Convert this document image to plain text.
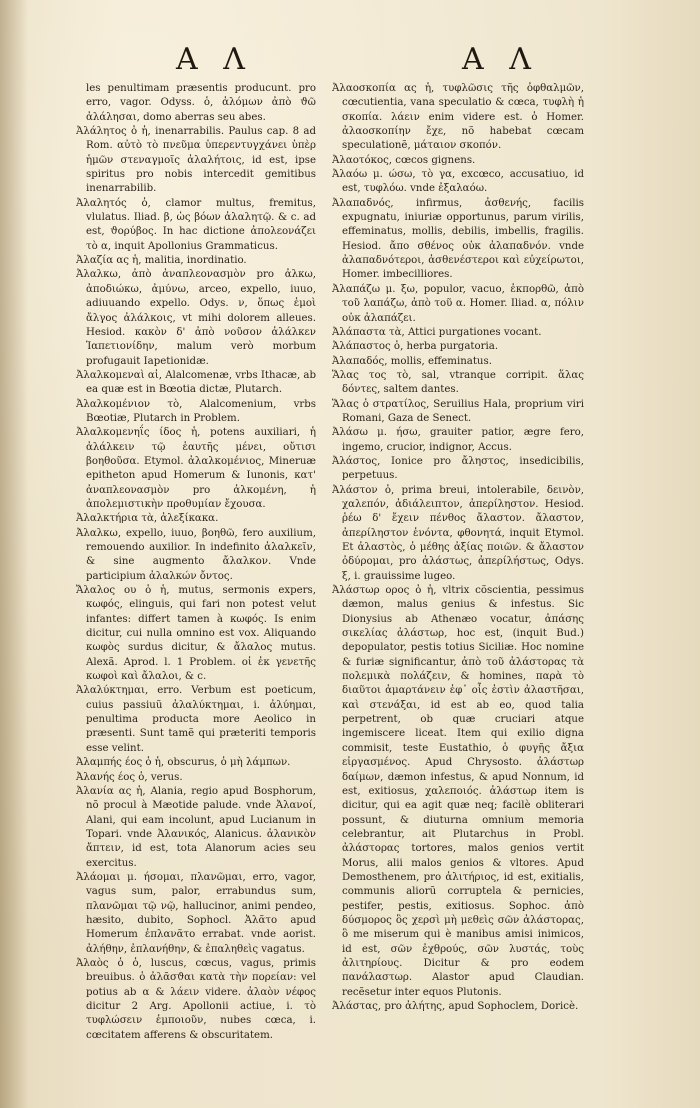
A Λ	A Λ

les penultimam præsentis producunt. pro erro, vagor. Odyss. ὁ, ἀλόμων ἀπὸ ϑῶ ἀλάλησαι, domo aberras seu abes.

Ἀλάλητος ὁ ἡ, inenarrabilis. Paulus cap. 8 ad Rom. αὐτὸ τὸ πνεῦμα ὑπερεντυγχάνει ὑπὲρ ἡμῶν στεναγμοῖς ἀλαλήτοις, id est, ipse spiritus pro nobis intercedit gemitibus inenarrabilib.

Ἀλαλητός ὁ, clamor multus, fremitus, vlulatus. Iliad. β, ὡς βόων ἀλαλητῷ. & c. ad est, ϑορύβος. In hac dictione ἀπολεονάζει τὸ α, inquit Apollonius Grammaticus.

Ἀλαζία ας ἡ, malitia, inordinatio.

Ἀλαλκω, ἀπὸ ἀναπλεονασμὸν pro ἀλκω, ἀποδιώκω, ἀμύνω, arceo, expello, iuuo, adiuuando expello. Odys. ν, ὅπως ἐμοὶ ἄλγος ἀλάλκοις, vt mihi dolorem alleues. Hesiod. κακὸν δ' ἀπὸ νοῦσον ἀλάλκεν Ἰαπετιονίδην, malum verò morbum profugauit Iapetionidæ.

Ἀλαλκομεναὶ αἱ, Alalcomenæ, vrbs Ithacæ, ab ea quæ est in Bœotia dictæ, Plutarch.

Ἀλαλκομένιον τὸ, Alalcomenium, vrbs Bœotiæ, Plutarch in Problem.

Ἀλαλκομενηΐς ίδος ἡ, potens auxiliari, ἡ ἀλάλκειν τῷ ἑαυτῆς μένει, οὔτισι βοηθοῦσα. Etymol. ἀλαλκομένιος, Mineruæ epitheton apud Homerum & Iunonis, κατ' ἀναπλεονασμὸν pro ἀλκομένη, ἡ ἀπολεμιστικὴν προθυμίαν ἔχουσα.

Ἀλαλκτήρια τὰ, ἀλεξίκακα.

Ἀλαλκω, expello, iuuo, βοηθῶ, fero auxilium, remouendo auxilior. In indefinito ἀλαλκεῖν, & sine augmento ἄλαλκον. Vnde participium ἀλαλκών ὄντος.

Ἄλαλος ου ὁ ἡ, mutus, sermonis expers, κωφός, elinguis, qui fari non potest velut infantes: differt tamen à κωφός. Is enim dicitur, cui nulla omnino est vox. Aliquando κωφὸς surdus dicitur, & ἄλαλος mutus. Alexã. Aprod. l. 1 Problem. οἱ ἐκ γενετῆς κωφοὶ καὶ ἄλαλοι, & c.

Ἀλαλύκτημαι, erro. Verbum est poeticum, cuius passiuũ ἀλαλύκτημαι, i. ἀλύημαι, penultima producta more Aeolico in præsenti. Sunt tamẽ qui præteriti temporis esse velint.

Ἀλαμπής έος ὁ ἡ, obscurus, ὁ μὴ λάμπων.

Ἀλανής έος ὁ, verus.

Ἀλανία ας ἡ, Alania, regio apud Bosphorum, nõ procul à Mæotide palude. vnde Ἀλανοί, Alani, qui eam incolunt, apud Lucianum in Topari. vnde Ἀλανικός, Alanicus. ἀλανικὸν ἄπτειν, id est, tota Alanorum acies seu exercitus.

Ἀλάομαι μ. ήσομαι, πλανῶμαι, erro, vagor, vagus sum, palor, errabundus sum, πλανῶμαι τῷ νῷ, hallucinor, animi pendeo, hæsito, dubito, Sophocl. Ἀλᾶτο apud Homerum ἐπλανᾶτο errabat. vnde aorist. ἀλήθην, ἐπλανήθην, & ἐπαληθεὶς vagatus.

Ἀλαὸς ὁ ὁ, luscus, cœcus, vagus, primis breuibus. ὁ ἀλᾶσϑαι κατὰ τὴν πορείαν: vel potius ab α & λάειν videre. ἀλαὸν νέφος dicitur 2 Arg. Apollonii actiue, i. τὸ τυφλώσειν ἐμποιοῦν, nubes cœca, i. cœcitatem afferens & obscuritatem.

Ἀλαοσκοπία ας ἡ, τυφλῶσις τῆς ὀφθαλμῶν, cœcutientia, vana speculatio & cœca, τυφλὴ ἡ σκοπία. λάειν enim videre est. ὁ Homer. ἀλαοσκοπίην ἔχε, nõ habebat cœcam speculationẽ, μάταιον σκοπόν.

Ἀλαοτόκος, cœcos gignens.

Ἀλαόω μ. ώσω, τὸ γα, excœco, accusatiuo, id est, τυφλόω. vnde ἐξαλαόω.

Ἀλαπαδνός, infirmus, ἀσθενής, facilis expugnatu, iniuriæ opportunus, parum virilis, effeminatus, mollis, debilis, imbellis, fragilis. Hesiod. ἄπο σθένος οὐκ ἀλαπαδνόν. vnde ἀλαπαδνότεροι, ἀσθενέστεροι καὶ εὐχείρωτοι, Homer. imbecilliores.

Ἀλαπάζω μ. ξω, populor, vacuo, ἐκπορθῶ, ἀπὸ τοῦ λαπάζω, ἀπὸ τοῦ α. Homer. Iliad. α, πόλιν οὐκ ἀλαπάζει.

Ἀλάπαστα τὰ, Attici purgationes vocant.

Ἀλάπαστος ὁ, herba purgatoria.

Ἀλαπαδός, mollis, effeminatus.

Ἅλας τος τὸ, sal, vtranque corripit. ἅλας δόντες, saltem dantes.

Ἅλας ὁ στρατίλος, Seruilius Hala, proprium viri Romani, Gaza de Senect.

Ἀλάσω μ. ήσω, grauiter patior, ægre fero, ingemo, crucior, indignor, Accus.

Ἀλάστος, Ionice pro ἄληστος, insedicibilis, perpetuus.

Ἀλάστον ὁ, prima breui, intolerabile, δεινὸν, χαλεπόν, ἀδιάλειπτον, ἀπερίληστον. Hesiod. ῥέω δ' ἔχειν πένθος ἄλαστον. ἄλαστον, ἀπερίληστον ἑνόντα, φθονητά, inquit Etymol. Et ἀλαστὸς, ὁ μέθης ἀξίας ποιῶν. & ἄλαστον ὀδύρομαι, pro ἀλάστως, ἀπερίλήστως, Odys. ξ, i. grauissime lugeo.

Ἀλάστωρ ορος ὁ ἡ, vltrix cõscientia, pessimus dæmon, malus genius & infestus. Sic Dionysius ab Athenæo vocatur, ἀπάσης σικελίας ἀλάστωρ, hoc est, (inquit Bud.) depopulator, pestis totius Siciliæ. Hoc nomine & furiæ significantur, ἀπὸ τοῦ ἀλάστορας τὰ πολεμικὰ πολάζειν, & homines, παρὰ τὸ διαῦτοι ἁμαρτάνειν ἐφ᾽ οἷς ἐστὶν ἀλαστῆσαι, καὶ στενάξαι, id est ab eo, quod talia perpetrent, ob quæ cruciari atque ingemiscere liceat. Item qui exilio digna commisit, teste Eustathio, ὁ φυγῆς ἄξια εἰργασμένος. Apud Chrysosto. ἀλάστωρ δαίμων, dæmon infestus, & apud Nonnum, id est, exitiosus, χαλεποιός. ἀλάστωρ item is dicitur, qui ea agit quæ neq; facilè obliterari possunt, & diuturna omnium memoria celebrantur, ait Plutarchus in Probl. ἀλάστορας tortores, malos genios vertit Morus, alii malos genios & vltores. Apud Demosthenem, pro ἀλιτήριος, id est, exitialis, communis aliorũ corruptela & pernicies, pestifer, pestis, exitiosus. Sophoc. ἀπὸ δύσμορος ὃς χερσὶ μὴ μεθεὶς σῶν ἀλάστορας, ὃ me miserum qui è manibus amisi inimicos, id est, σῶν ἐχθρούς, σῶν λυστάς, τοὺς ἀλιτηρίους. Dicitur & pro eodem πανάλαστωρ. Alastor apud Claudian. recẽsetur inter equos Plutonis.

Ἀλάστας, pro ἀλήτης, apud Sophoclem, Doricè.
